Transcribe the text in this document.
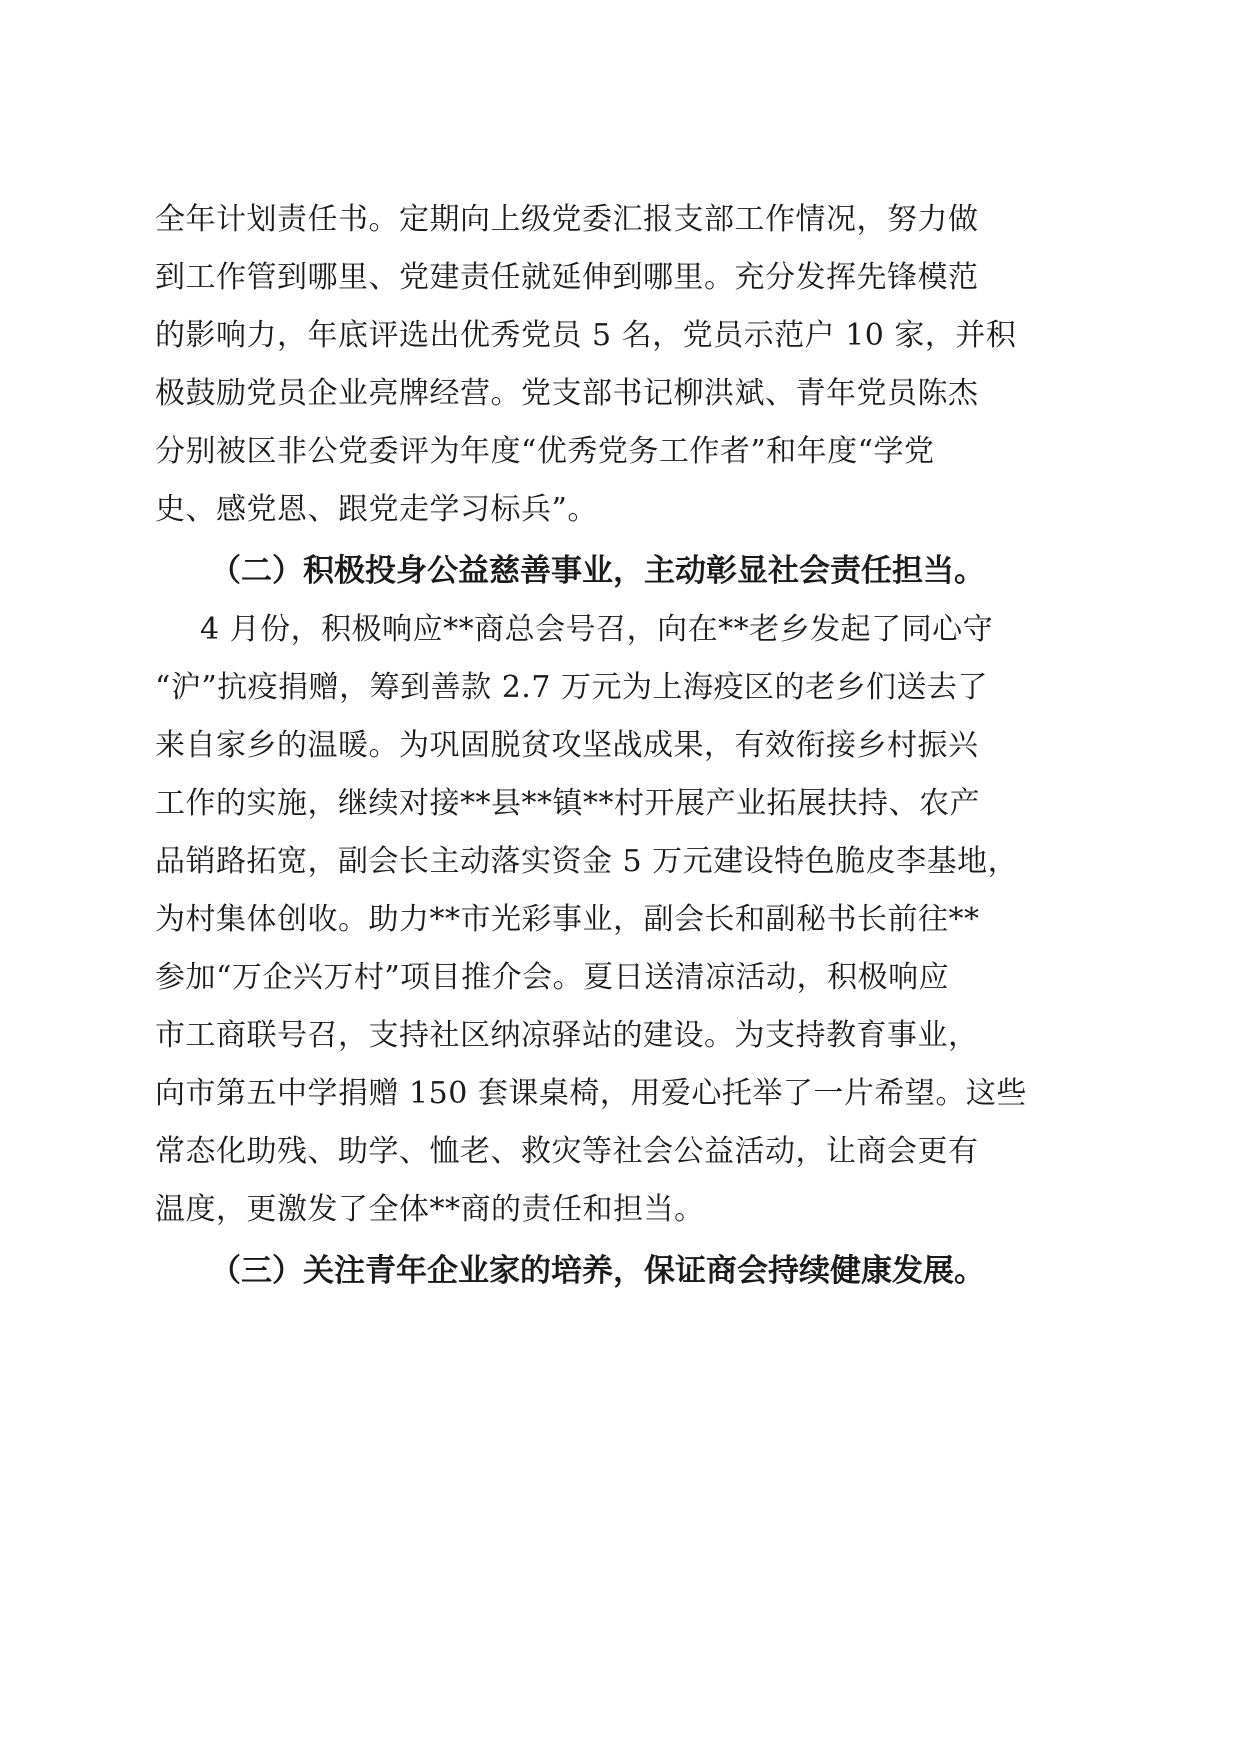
全年计划责任书。定期向上级党委汇报支部工作情况，努力做
到工作管到哪里、党建责任就延伸到哪里。充分发挥先锋模范
的影响力，年底评选出优秀党员 5 名，党员示范户 10 家，并积
极鼓励党员企业亮牌经营。党支部书记柳洪斌、青年党员陈杰
分别被区非公党委评为年度“优秀党务工作者”和年度“学党
史、感党恩、跟党走学习标兵”。
（二）积极投身公益慈善事业，主动彰显社会责任担当。
4 月份，积极响应**商总会号召，向在**老乡发起了同心守
“沪”抗疫捐赠，筹到善款 2.7 万元为上海疫区的老乡们送去了
来自家乡的温暖。为巩固脱贫攻坚战成果，有效衔接乡村振兴
工作的实施，继续对接**县**镇**村开展产业拓展扶持、农产
品销路拓宽，副会长主动落实资金 5 万元建设特色脆皮李基地，
为村集体创收。助力**市光彩事业，副会长和副秘书长前往**
参加“万企兴万村”项目推介会。夏日送清凉活动，积极响应
市工商联号召，支持社区纳凉驿站的建设。为支持教育事业，
向市第五中学捐赠 150 套课桌椅，用爱心托举了一片希望。这些
常态化助残、助学、恤老、救灾等社会公益活动，让商会更有
温度，更激发了全体**商的责任和担当。
（三）关注青年企业家的培养，保证商会持续健康发展。
